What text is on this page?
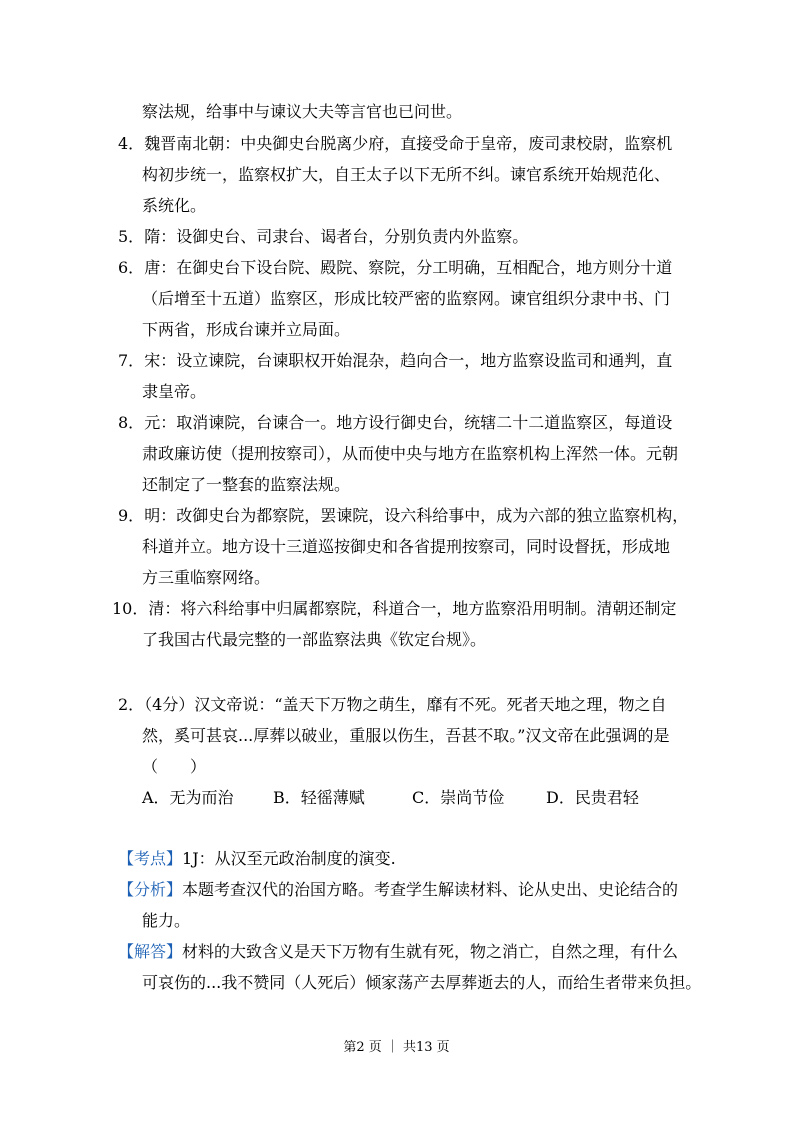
察法规，给事中与谏议大夫等言官也已问世。
4．魏晋南北朝：中央御史台脱离少府，直接受命于皇帝，废司隶校尉，监察机
构初步统一，监察权扩大，自王太子以下无所不纠。谏官系统开始规范化、
系统化。
5．隋：设御史台、司隶台、谒者台，分别负责内外监察。
6．唐：在御史台下设台院、殿院、察院，分工明确，互相配合，地方则分十道
（后增至十五道）监察区，形成比较严密的监察网。谏官组织分隶中书、门
下两省，形成台谏并立局面。
7．宋：设立谏院，台谏职权开始混杂，趋向合一，地方监察设监司和通判，直
隶皇帝。
8．元：取消谏院，台谏合一。地方设行御史台，统辖二十二道监察区，每道设
肃政廉访使（提刑按察司），从而使中央与地方在监察机构上浑然一体。元朝
还制定了一整套的监察法规。
9．明：改御史台为都察院，罢谏院，设六科给事中，成为六部的独立监察机构，
科道并立。地方设十三道巡按御史和各省提刑按察司，同时设督抚，形成地
方三重临察网络。
10．清：将六科给事中归属都察院，科道合一，地方监察沿用明制。清朝还制定
了我国古代最完整的一部监察法典《钦定台规》。
2．（4分）汉文帝说：“盖天下万物之萌生，靡有不死。死者天地之理，物之自
然，奚可甚哀...厚葬以破业，重服以伤生，吾甚不取。”汉文帝在此强调的是
（　　）
A．无为而治 B．轻徭薄赋	C．崇尚节俭	D．民贵君轻
【考点】1J：从汉至元政治制度的演变.
【分析】本题考查汉代的治国方略。考查学生解读材料、论从史出、史论结合的
能力。
【解答】材料的大致含义是天下万物有生就有死，物之消亡，自然之理，有什么
可哀伤的...我不赞同（人死后）倾家荡产去厚葬逝去的人，而给生者带来负担。
第2 页 ｜ 共13 页
